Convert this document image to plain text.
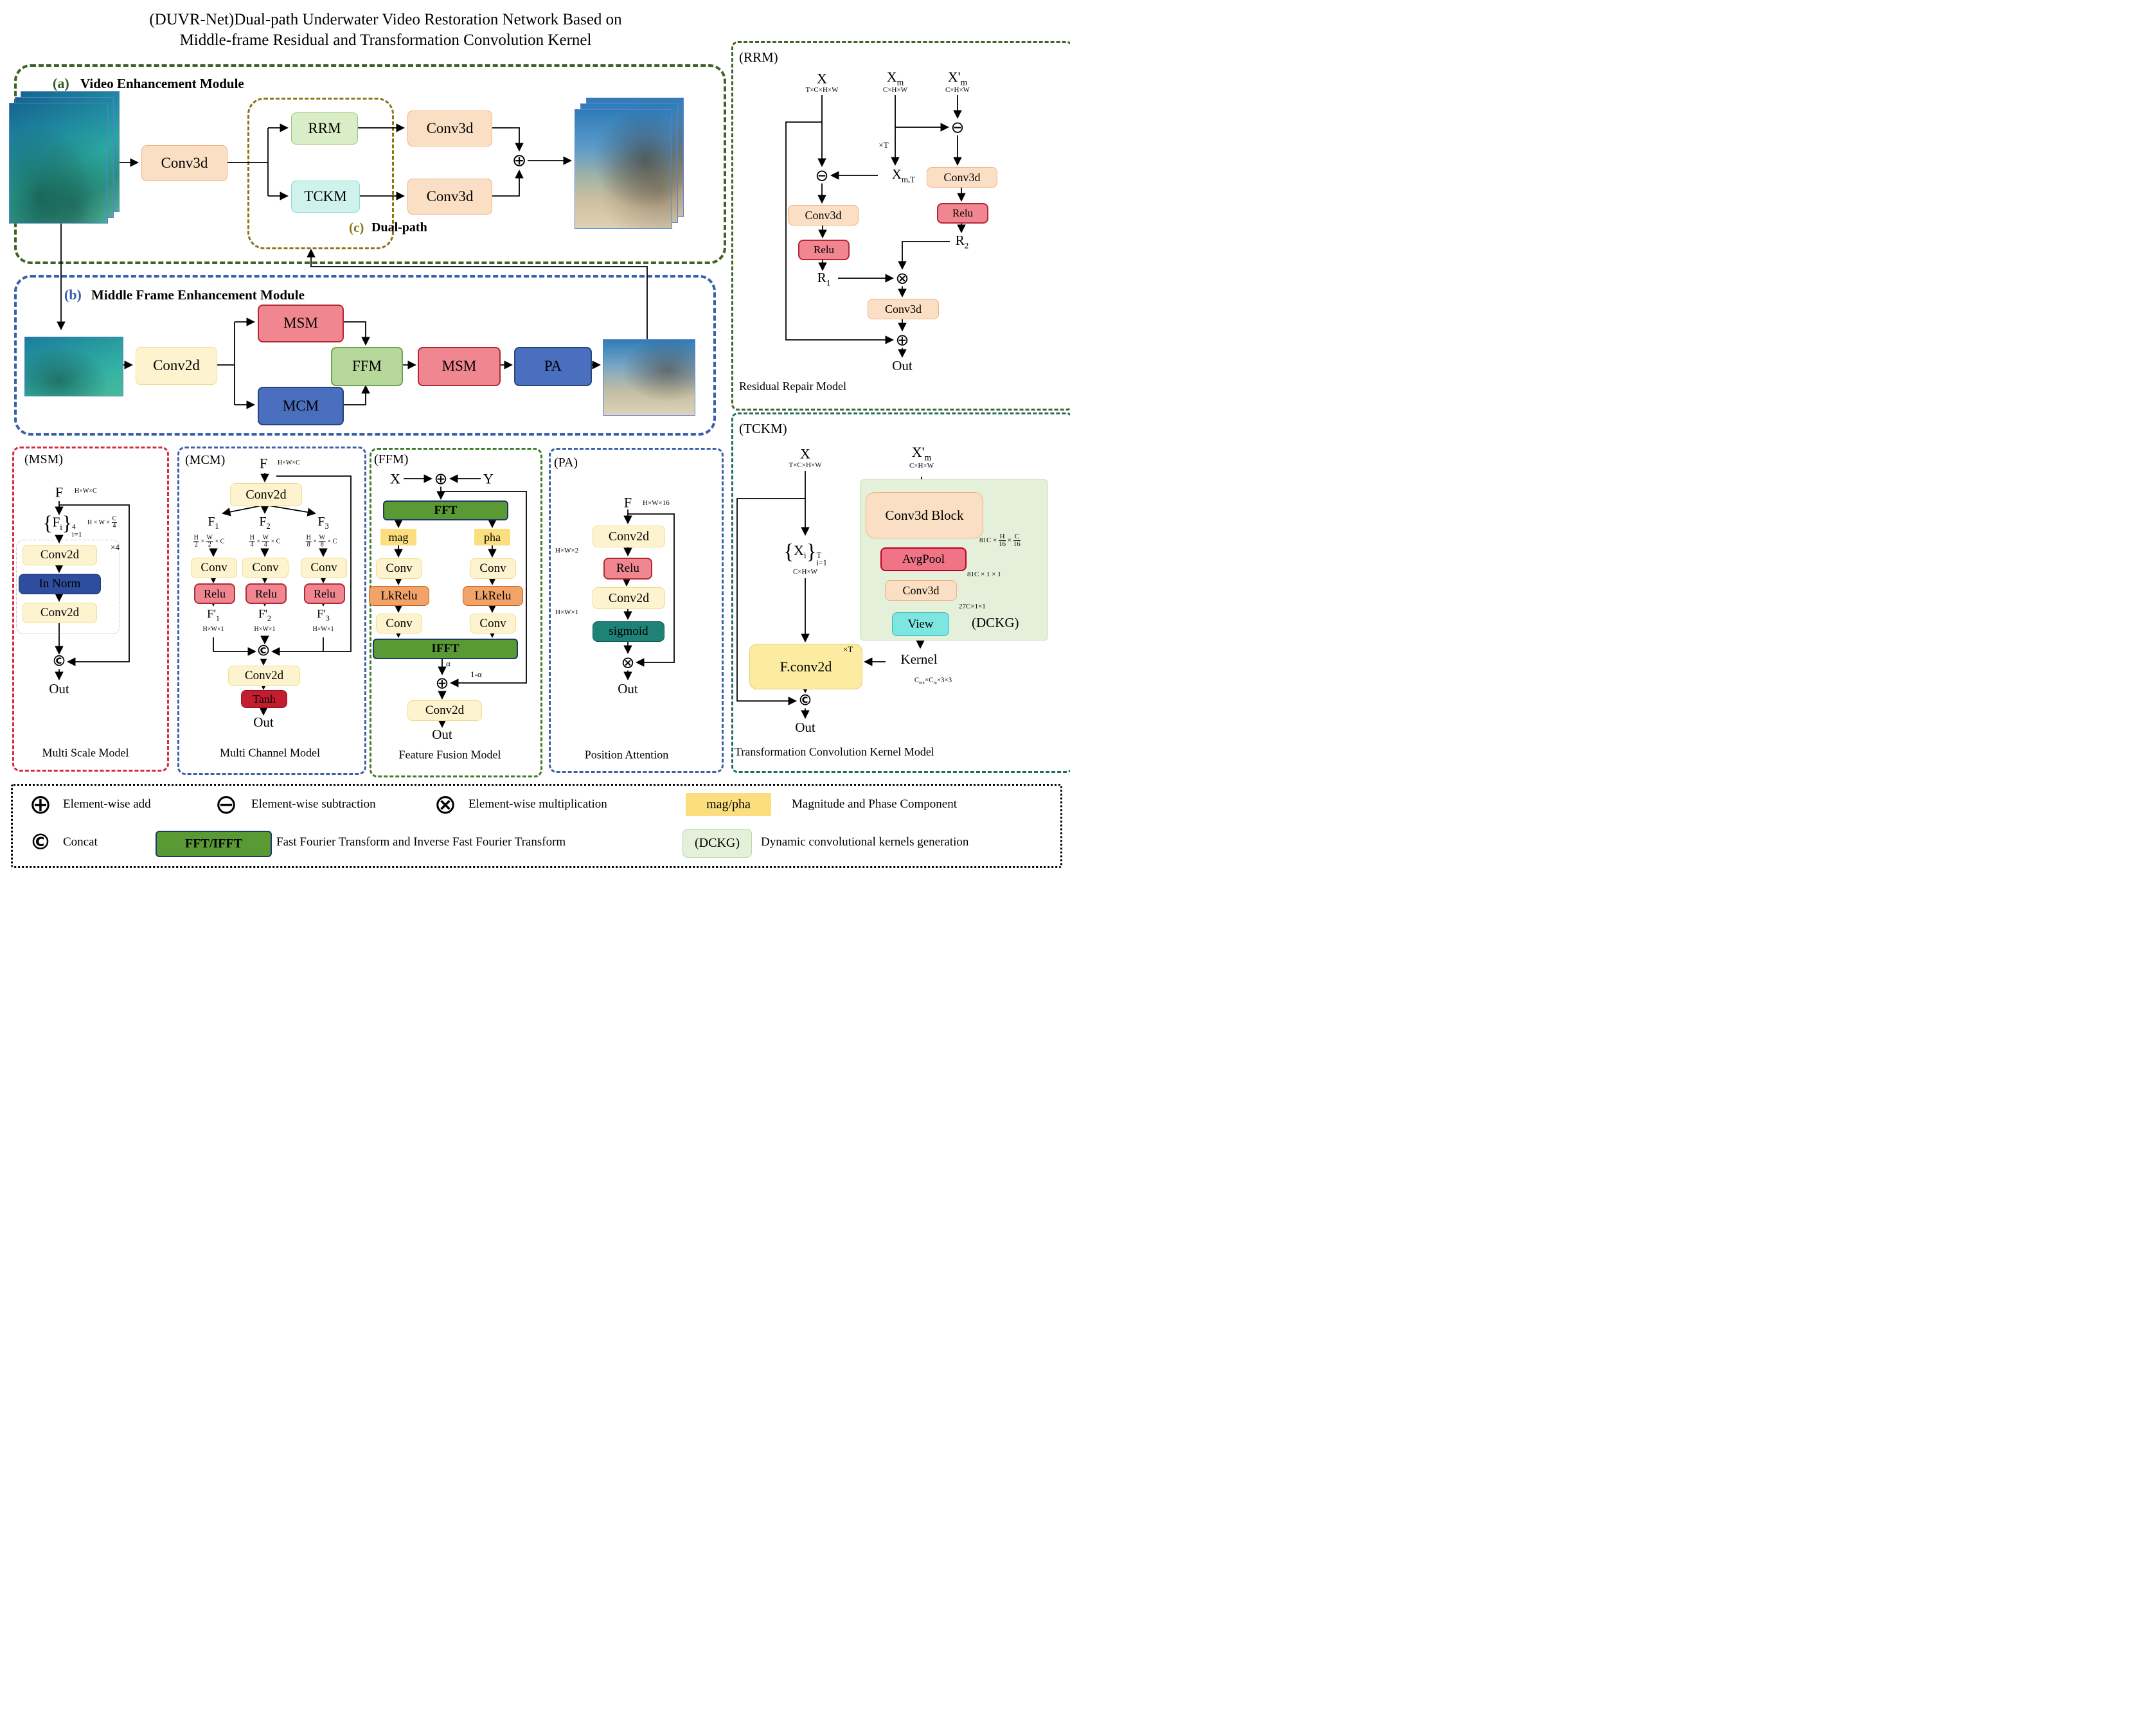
(DUVR-Net)Dual-path Underwater Video Restoration Network Based on
Middle-frame Residual and Transformation Convolution Kernel
(a) Video Enhancement Module
Conv3d
RRM
TCKM
(c) Dual-path
Conv3d
Conv3d
⊕
(b) Middle Frame Enhancement Module
Conv2d
MSM
MCM
FFM	MSM	PA
(RRM)
X
T×C×H×W
$X_m$
C×H×W
$X'_m$
C×H×W
×T
$X_{m,T}$
⊖
⊖
Conv3d
Relu
Conv3d
Relu
$R_1$
$R_2$
⊗
Conv3d
⊕
Out
Residual Repair Model
(TCKM)
X
T×C×H×W
$X'_m$
C×H×W
Conv3d Block
$81C \times \frac{H}{16} \times \frac{C}{16}$
AvgPool
81C × 1 × 1
Conv3d
27C×1×1
View	(DCKG)
$\{X_i\}$ T
i=1
C×H×W
Kernel
$C_{out}\times C_{in}\times 3\times 3$
F.conv2d
×T
©
Out
Transformation Convolution Kernel Model
(MSM)
F H×W×C
$\{F_i\}$ 4
i=1
$H \times W \times \frac{C}{4}$
×4
Conv2d
In Norm
Conv2d
©
Out
Multi Scale Model
(MCM) F H×W×C
Conv2d
$F_1$	$F_2$	$F_3$
$\frac{H}{2} \times \frac{W}{2} \times C$	$\frac{H}{4} \times \frac{W}{4} \times C$	$\frac{H}{8} \times \frac{W}{8} \times C$
Conv	Conv	Conv
Relu	Relu	Relu
$F'_1$	$F'_2$	$F'_3$
H×W×1	H×W×1	H×W×1
©
Conv2d
Tanh
Out
Multi Channel Model
(FFM)
X ⊕	Y
FFT
mag	pha
Conv	Conv
LkRelu	LkRelu
Conv	Conv
IFFT
α
1-α
⊕
Conv2d
Out
Feature Fusion Model
(PA)
F H×W×16
Conv2d
H×W×2
Relu
Conv2d
H×W×1
sigmoid
⊗
Out
Position Attention
⊕ Element-wise add ⊖ Element-wise subtraction ⊗ Element-wise multiplication	mag/pha	Magnitude and Phase Component
© Concat	FFT/IFFT	Fast Fourier Transform and Inverse Fast Fourier Transform	(DCKG)	Dynamic convolutional kernels generation
